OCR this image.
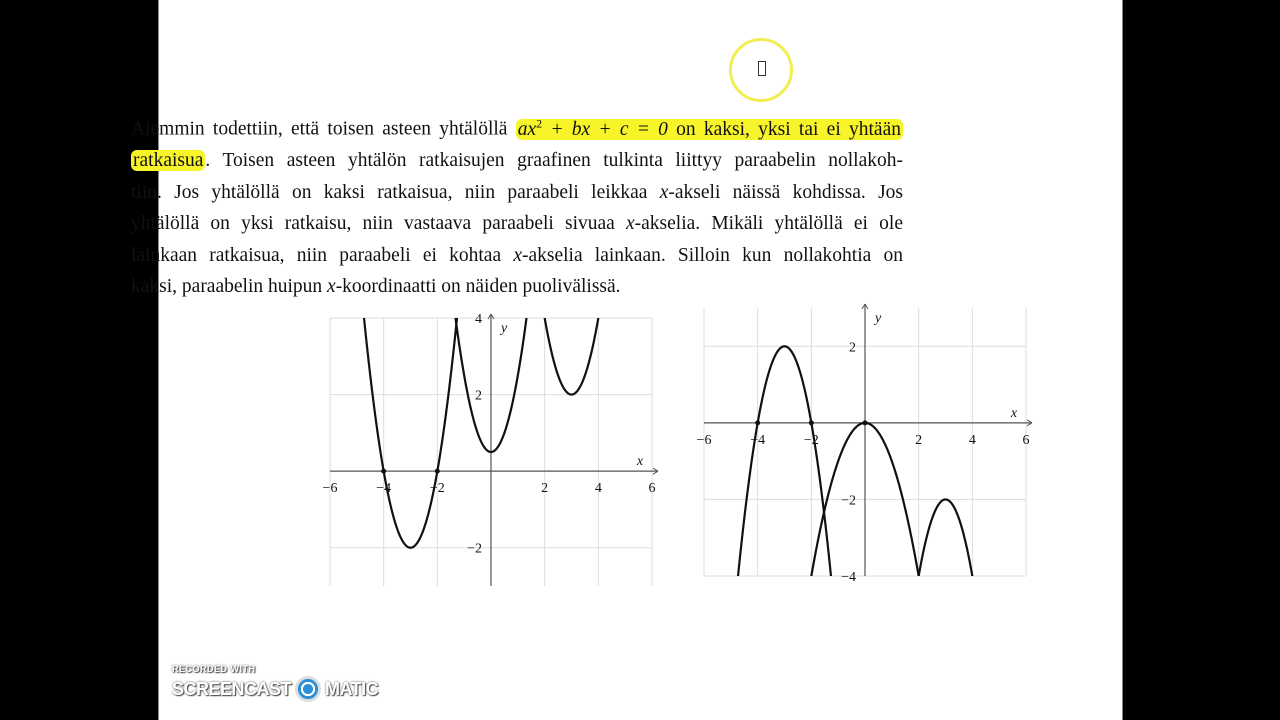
Aiemmin todettiin, että toisen asteen yhtälöllä $ax^2$ + bx + c = 0 on kaksi, yksi tai ei yhtään
ratkaisua . Toisen asteen yhtälön ratkaisujen graafinen tulkinta liittyy paraabelin nollakoh-
tiin. Jos yhtälöllä on kaksi ratkaisua, niin paraabeli leikkaa x-akseli näissä kohdissa. Jos
yhtälöllä on yksi ratkaisu, niin vastaava paraabeli sivuaa x-akselia. Mikäli yhtälöllä ei ole
lainkaan ratkaisua, niin paraabeli ei kohtaa x-akselia lainkaan. Silloin kun nollakohtia on
kaksi, paraabelin huipun x-koordinaatti on näiden puolivälissä.
−6	−4	−2	2	4	6
−2
2
4
x
y
−6	−4	−2	2	4	6
−4
−2
2
x
y
RECORDED WITH
SCREENCAST MATIC
